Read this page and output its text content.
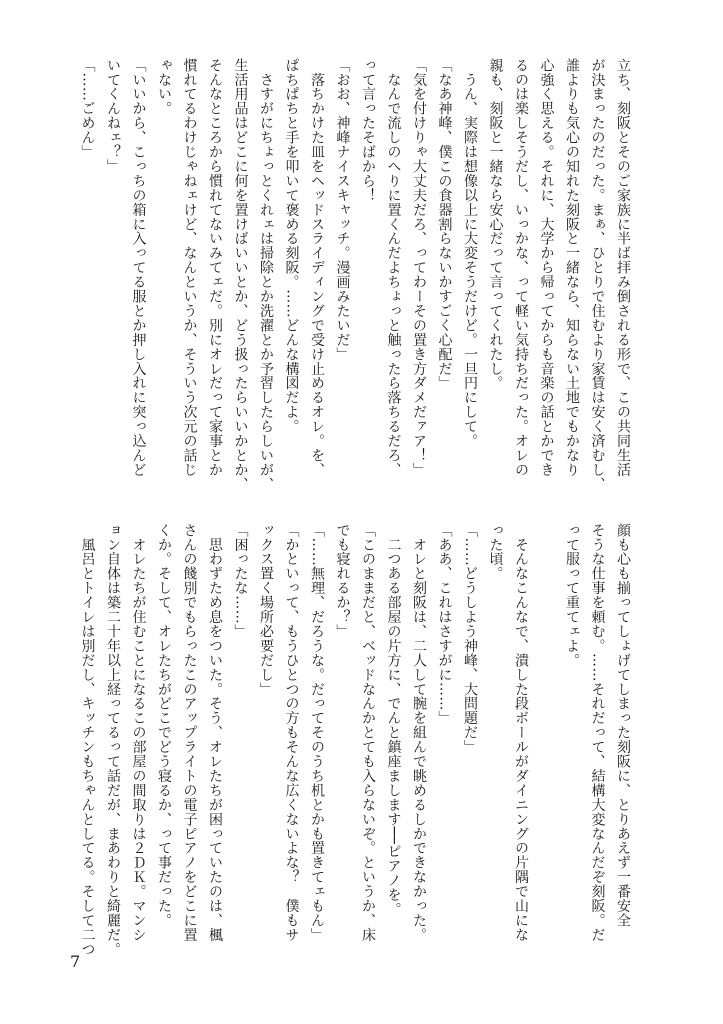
立ち、刻阪とそのご家族に半ば拝み倒される形で、この共同生活

が決まったのだった。まぁ、ひとりで住むより家賃は安く済むし、

誰よりも気心の知れた刻阪と一緒なら、知らない土地でもかなり

心強く思える。それに、大学から帰ってからも音楽の話とかでき

るのは楽しそうだし、いっかな、って軽い気持ちだった。オレの

親も、刻阪と一緒なら安心だって言ってくれたし。

　うん、実際は想像以上に大変そうだけど。一旦円にして。

「なあ神峰、僕この食器割らないかすごく心配だ」

「気を付けりゃ大丈夫だろ、ってわーその置き方ダメだァア！」

　なんで流しのへりに置くんだよちょっと触ったら落ちるだろ、

って言ったそばから！

「おお、神峰ナイスキャッチ。漫画みたいだ」

　落ちかけた皿をヘッドスライディングで受け止めるオレ。を、

ぱちぱちと手を叩いて褒める刻阪。……どんな構図だよ。

　さすがにちょっとくれェは掃除とか洗濯とか予習したらしいが、

生活用品はどこに何を置けばいいとか、どう扱ったらいいかとか、

そんなところから慣れてないみてェだ。別にオレだって家事とか

慣れてるわけじゃねェけど、なんというか、そういう次元の話じ

ゃない。

「いいから、こっちの箱に入ってる服とか押し入れに突っ込んど

いてくんねェ？」

「……ごめん」

顔も心も揃ってしょげてしまった刻阪に、とりあえず一番安全

そうな仕事を頼む。……それだって、結構大変なんだぞ刻阪。だ

って服って重てェよ。

　そんなこんなで、潰した段ボールがダイニングの片隅で山にな

った頃。

「……どうしよう神峰、大問題だ」

「ああ、これはさすがに……」

　オレと刻阪は、二人して腕を組んで眺めるしかできなかった。

　二つある部屋の片方に、でんと鎮座まします──ピアノを。

「このままだと、ベッドなんかとても入らないぞ。というか、床

でも寝れるか？」

「……無理、だろうな。だってそのうち机とかも置きてェもん」

「かといって、もうひとつの方もそんな広くないよな？　僕もサ

ックス置く場所必要だし」

「困ったな……」

　思わずため息をついた。そう、オレたちが困っていたのは、楓

さんの餞別でもらったこのアップライトの電子ピアノをどこに置

くか。そして、オレたちがどこでどう寝るか、って事だった。

　オレたちが住むことになるこの部屋の間取りは２ＤＫ。マンシ

ョン自体は築二十年以上経ってるって話だが、まあわりと綺麗だ。

　風呂とトイレは別だし、キッチンもちゃんとしてる。そして二つ

7
